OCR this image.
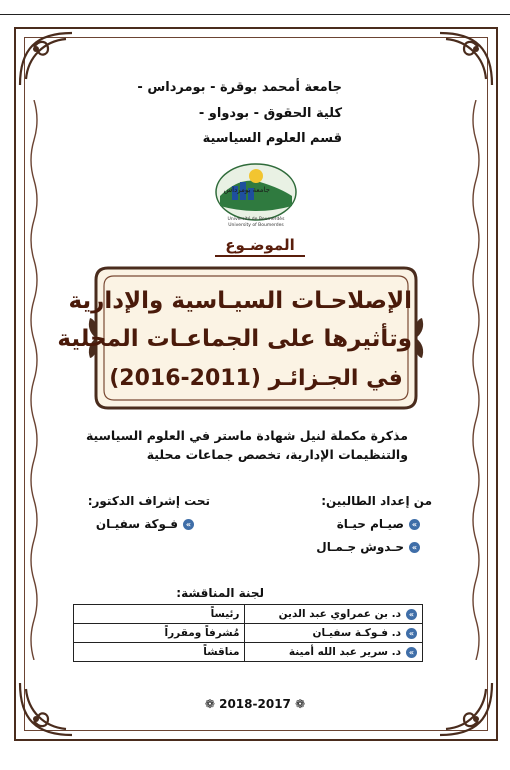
جامعة أمحمد بوقرة - بومرداس -
كلية الحقوق - بودواو -
قسم العلوم السياسية
جامعة بومرداس
Université de Boumerdès
University of Boumerdes
الموضـوع
الإصلاحـات السيـاسية والإدارية
وتأثيرها على الجماعـات المحلية
في الجـزائـر (2011-2016)
مذكرة مكملة لنيل شهادة ماستر في العلوم السياسية
والتنظيمات الإدارية، تخصص جماعات محلية
من إعداد الطالبين:
»صيـام حيـاة
»حـدوش جـمـال
تحت إشراف الدكتور:
»فـوكة سفيـان
لجنة المناقشة:
»د. بن عمراوي عبد الدين	رئيساً
»د. فـوكـة سفيـان	مُشرفاً ومقرراً
»د. سرير عبد الله أمينة	مناقشاً
❁ 2018-2017 ❁
